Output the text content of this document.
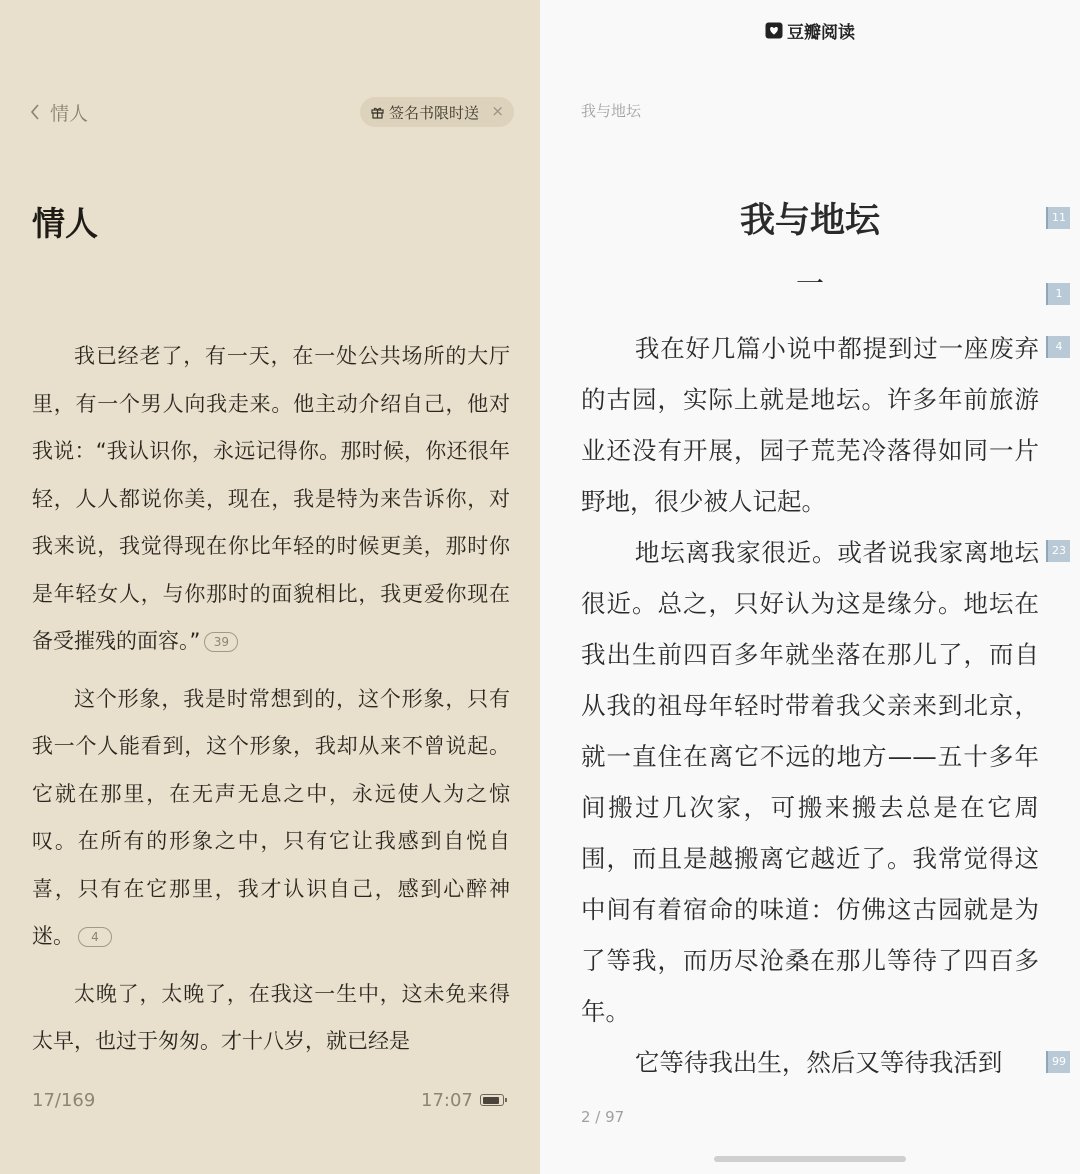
情人	签名书限时送 ×
情人

我已经老了，有一天，在一处公共场所的大厅里，有一个男人向我走来。他主动介绍自己，他对我说：“我认识你，永远记得你。那时候，你还很年轻，人人都说你美，现在，我是特为来告诉你，对我来说，我觉得现在你比年轻的时候更美，那时你是年轻女人，与你那时的面貌相比，我更爱你现在备受摧残的面容。” 39

这个形象，我是时常想到的，这个形象，只有我一个人能看到，这个形象，我却从来不曾说起。它就在那里，在无声无息之中，永远使人为之惊叹。在所有的形象之中，只有它让我感到自悦自喜，只有在它那里，我才认识自己，感到心醉神迷。 4

太晚了，太晚了，在我这一生中，这未免来得太早，也过于匆匆。才十八岁，就已经是

17/169	17:07
豆瓣阅读
我与地坛
我与地坛
一

我在好几篇小说中都提到过一座废弃的古园，实际上就是地坛。许多年前旅游业还没有开展，园子荒芜冷落得如同一片野地，很少被人记起。

地坛离我家很近。或者说我家离地坛很近。总之，只好认为这是缘分。地坛在我出生前四百多年就坐落在那儿了，而自从我的祖母年轻时带着我父亲来到北京，就一直住在离它不远的地方——五十多年间搬过几次家，可搬来搬去总是在它周围，而且是越搬离它越近了。我常觉得这中间有着宿命的味道：仿佛这古园就是为了等我，而历尽沧桑在那儿等待了四百多年。

它等待我出生，然后又等待我活到

11
1
4
23
99
2 / 97
